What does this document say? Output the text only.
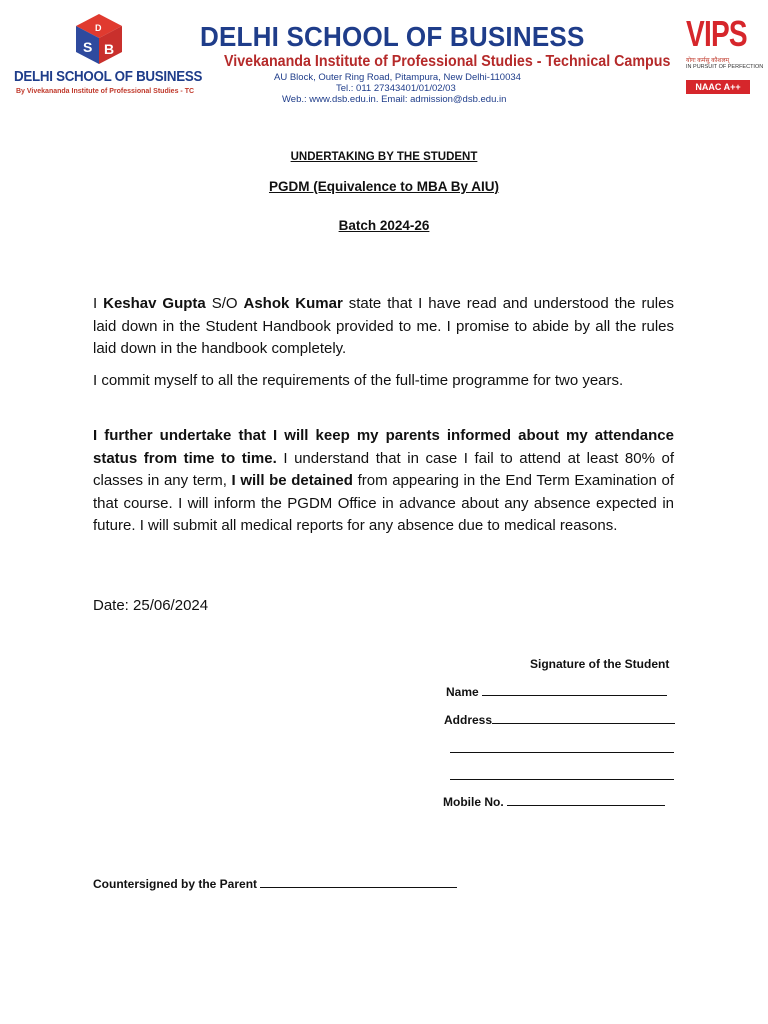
S B
D
DELHI SCHOOL OF BUSINESS
By Vivekananda Institute of Professional Studies - TC
DELHI SCHOOL OF BUSINESS
Vivekananda Institute of Professional Studies - Technical Campus
AU Block, Outer Ring Road, Pitampura, New Delhi-110034
Tel.: 011 27343401/01/02/03
Web.: www.dsb.edu.in. Email: admission@dsb.edu.in
VIPS
योगः कर्मसु कौशलम्
IN PURSUIT OF PERFECTION
NAAC A++
UNDERTAKING BY THE STUDENT
PGDM (Equivalence to MBA By AIU)
Batch 2024-26

I Keshav Gupta S/O Ashok Kumar state that I have read and understood the rules laid down in the Student Handbook provided to me. I promise to abide by all the rules laid down in the handbook completely.

I commit myself to all the requirements of the full-time programme for two years.

I further undertake that I will keep my parents informed about my attendance status from time to time. I understand that in case I fail to attend at least 80% of classes in any term, I will be detained from appearing in the End Term Examination of that course. I will inform the PGDM Office in advance about any absence expected in future. I will submit all medical reports for any absence due to medical reasons.

Date: 25/06/2024
Signature of the Student
Name
Address
Mobile No.
Countersigned by the Parent
